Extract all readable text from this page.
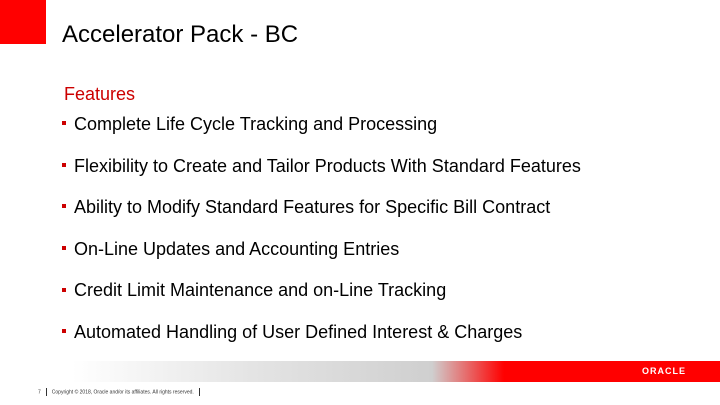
Accelerator Pack - BC
Features
Complete Life Cycle Tracking and Processing
Flexibility to Create and Tailor Products With Standard Features
Ability to Modify Standard Features for Specific Bill Contract
On-Line Updates and Accounting Entries
Credit Limit Maintenance and on-Line Tracking
Automated Handling of User Defined Interest & Charges
ORACLE
7 Copyright © 2018, Oracle and/or its affiliates. All rights reserved.
